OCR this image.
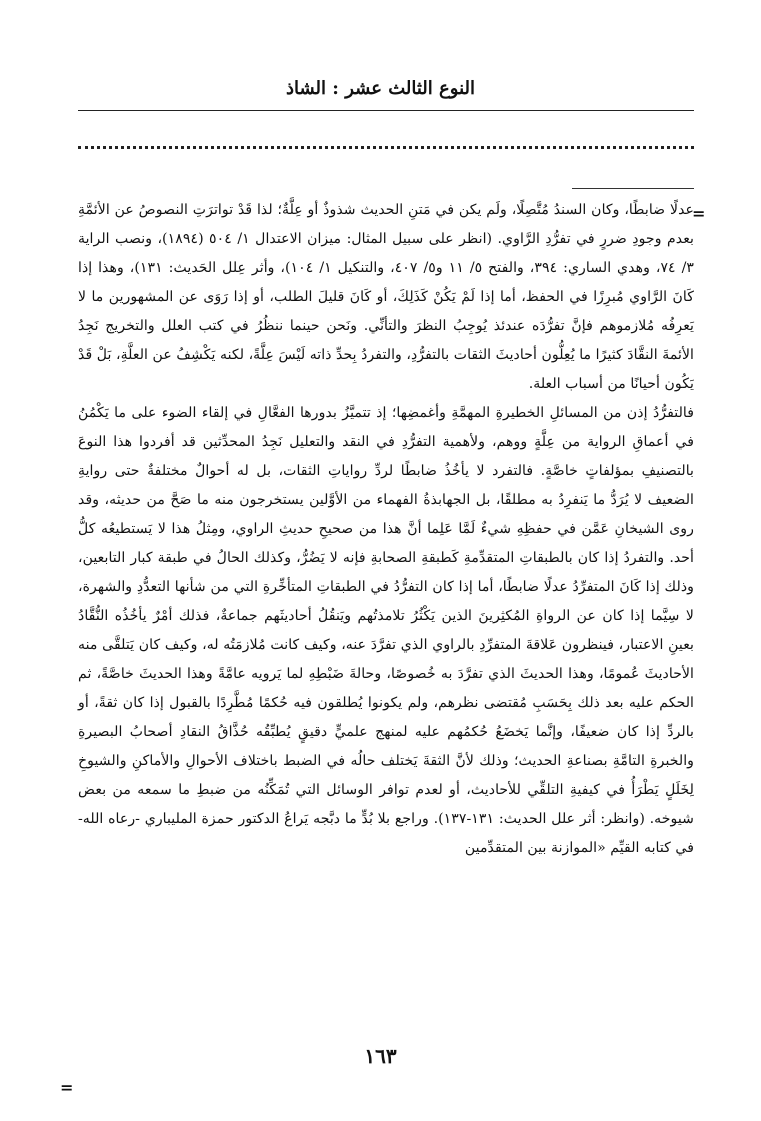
النوع الثالث عشر : الشاذ
=

عدلًا ضابطًا، وكان السندُ مُتَّصِلًا، ولَم يكن في مَتنِ الحديث شذوذٌ أو عِلَّةٌ؛ لذا قَدْ تواترَتِ النصوصُ عن الأئمَّةِ بعدم وجودِ ضررٍ في تفرُّدِ الرَّاوي. (انظر على سبيل المثال: ميزان الاعتدال ١/ ٥٠٤ (١٨٩٤)، ونصب الراية ٣/ ٧٤، وهدي الساري: ٣٩٤، والفتح ٥/ ١١ و٥/ ٤٠٧، والتنكيل ١/ ١٠٤)، وأثر عِلل الحَديث: ١٣١)، وهذا إذا كَانَ الرَّاوي مُبرِزًا في الحفظ، أما إذا لَمْ يَكُنْ كَذَلِكَ، أو كَانَ قليلَ الطلب، أو إذا رَوَى عن المشهورين ما لا يَعرِفُه مُلازموهم فإنَّ تفرُّدَه عندئذ يُوجِبُ النظرَ والتأنِّي. ونَحن حينما ننظُرُ في كتب العلل والتخريج نَجِدُ الأئمةَ النقَّادَ كثيرًا ما يُعِلُّون أحاديثَ الثقات بالتفرُّدِ، والتفردُ بِحدِّ ذاته لَيْسَ عِلَّةً، لكنه يَكْشِفُ عن العلَّةِ، بَلْ قَدْ يَكُون أحيانًا من أسباب العلة.

فالتفرُّدُ إذن من المسائلِ الخطيرةِ المهمَّةِ وأغمضِها؛ إذ تتميَّزُ بدورها الفعَّالِ في إلقاء الضوء على ما يَكْمُنُ في أعماقِ الرواية من عِلَّةٍ ووهم، ولأهمية التفرُّدِ في النقد والتعليل نَجِدُ المحدِّثين قد أفردوا هذا النوعَ بالتصنيفِ بمؤلفاتٍ خاصَّةٍ. فالتفرد لا يأخُذُ ضابطًا لردِّ رواياتِ الثقات، بل له أحوالٌ مختلفةٌ حتى روايةِ الضعيف لا يُرَدُّ ما يَنفرِدُ به مطلقًا، بل الجهابذةُ الفهماء من الأوَّلين يستخرجون منه ما صَحَّ من حديثه، وقد روى الشيخانِ عَمَّن في حفظِهِ شيءٌ لَمَّا عَلِما أنَّ هذا من صحيحِ حديثِ الراوي، ومِثلُ هذا لا يَستطيعُه كلُّ أحد. والتفردُ إذا كان بالطبقاتِ المتقدِّمةِ كَطبقةِ الصحابةِ فإنه لا يَضُرُّ، وكذلك الحالُ في طبقة كبار التابعين، وذلك إذا كَانَ المتفرِّدُ عدلًا ضابطًا، أما إذا كان التفرُّدُ في الطبقاتِ المتأخِّرةِ التي من شأنها التعدُّدِ والشهرة، لا سِيَّما إذا كان عن الرواةِ المُكثِرينَ الذين يَكْثُرُ تلامذتُهم ويَنقُلُ أحاديثَهم جماعةٌ، فذلك أمْرٌ يأخُذُه النُّقَّادُ بعينِ الاعتبار، فينظرون عَلاقةَ المتفرِّدِ بالراوي الذي تفرَّدَ عنه، وكيف كانت مُلازمَتُه له، وكيف كان يَتلقَّى منه الأحاديثَ عُمومًا، وهذا الحديثَ الذي تفرَّدَ به خُصوصًا، وحالةَ ضَبْطِهِ لما يَرويه عامَّةً وهذا الحديثَ خاصَّةً، ثم الحكم عليه بعد ذلك بِحَسَبِ مُقتضى نظرهم، ولم يكونوا يُطلقون فيه حُكمًا مُطَّرِدًا بالقبول إذا كان ثقةً، أو بالردِّ إذا كان ضعيفًا، وإنَّما يَخضَعُ حُكمُهم عليه لمنهج علميٍّ دقيقٍ يُطبِّقُه حُذَّاقُ النقادِ أصحابُ البصيرةِ والخبرةِ التامَّةِ بصناعةِ الحديث؛ وذلك لأنَّ الثقةَ يَختلف حالُه في الضبط باختلاف الأحوالِ والأماكنِ والشيوخِ لِخَلَلٍ يَطْرَأُ في كيفيةِ التلقِّي للأحاديث، أو لعدم توافر الوسائل التي تُمَكِّنُه من ضبطِ ما سمعه من بعض شيوخه. (وانظر: أثر علل الحديث: ١٣١-١٣٧). وراجع بلا بُدٍّ ما دبَّجه يَراعُ الدكتور حمزة المليباري -رعاه الله- في كتابه القيِّم «الموازنة بين المتقدِّمين

=
١٦٣
